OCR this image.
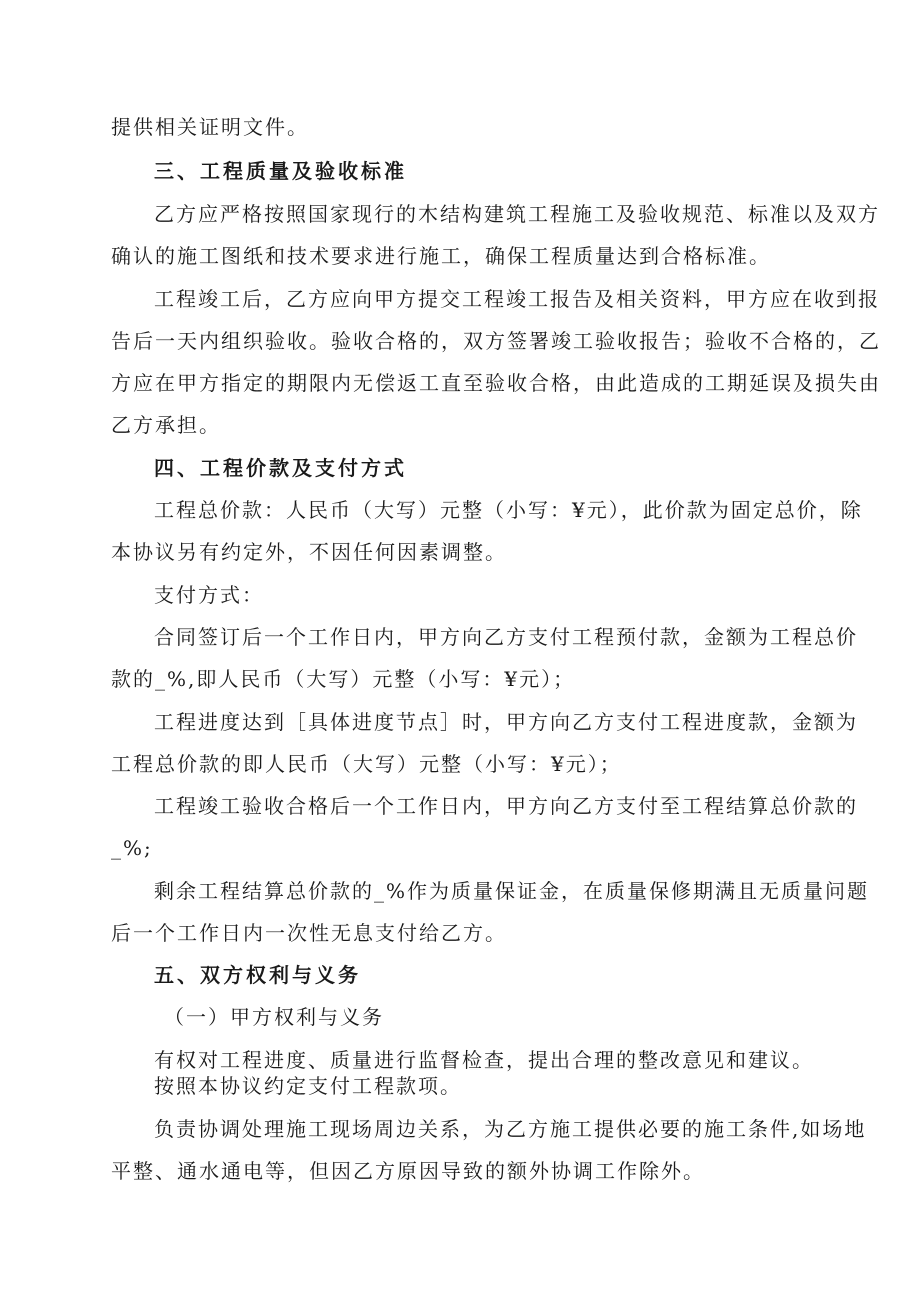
提供相关证明文件。
三、工程质量及验收标准
乙方应严格按照国家现行的木结构建筑工程施工及验收规范、标准以及双方
确认的施工图纸和技术要求进行施工，确保工程质量达到合格标准。
工程竣工后，乙方应向甲方提交工程竣工报告及相关资料，甲方应在收到报
告后一天内组织验收。验收合格的，双方签署竣工验收报告；验收不合格的，乙
方应在甲方指定的期限内无偿返工直至验收合格，由此造成的工期延误及损失由
乙方承担。
四、工程价款及支付方式
工程总价款：人民币（大写）元整（小写：¥元），此价款为固定总价，除
本协议另有约定外，不因任何因素调整。
支付方式：
合同签订后一个工作日内，甲方向乙方支付工程预付款，金额为工程总价
款的_%,即人民币（大写）元整（小写：¥元）；
工程进度达到［具体进度节点］时，甲方向乙方支付工程进度款，金额为
工程总价款的即人民币（大写）元整（小写：¥元）；
工程竣工验收合格后一个工作日内，甲方向乙方支付至工程结算总价款的
_%;
剩余工程结算总价款的_%作为质量保证金，在质量保修期满且无质量问题
后一个工作日内一次性无息支付给乙方。
五、双方权利与义务
（一）甲方权利与义务
有权对工程进度、质量进行监督检查，提出合理的整改意见和建议。
按照本协议约定支付工程款项。
负责协调处理施工现场周边关系，为乙方施工提供必要的施工条件,如场地
平整、通水通电等，但因乙方原因导致的额外协调工作除外。
